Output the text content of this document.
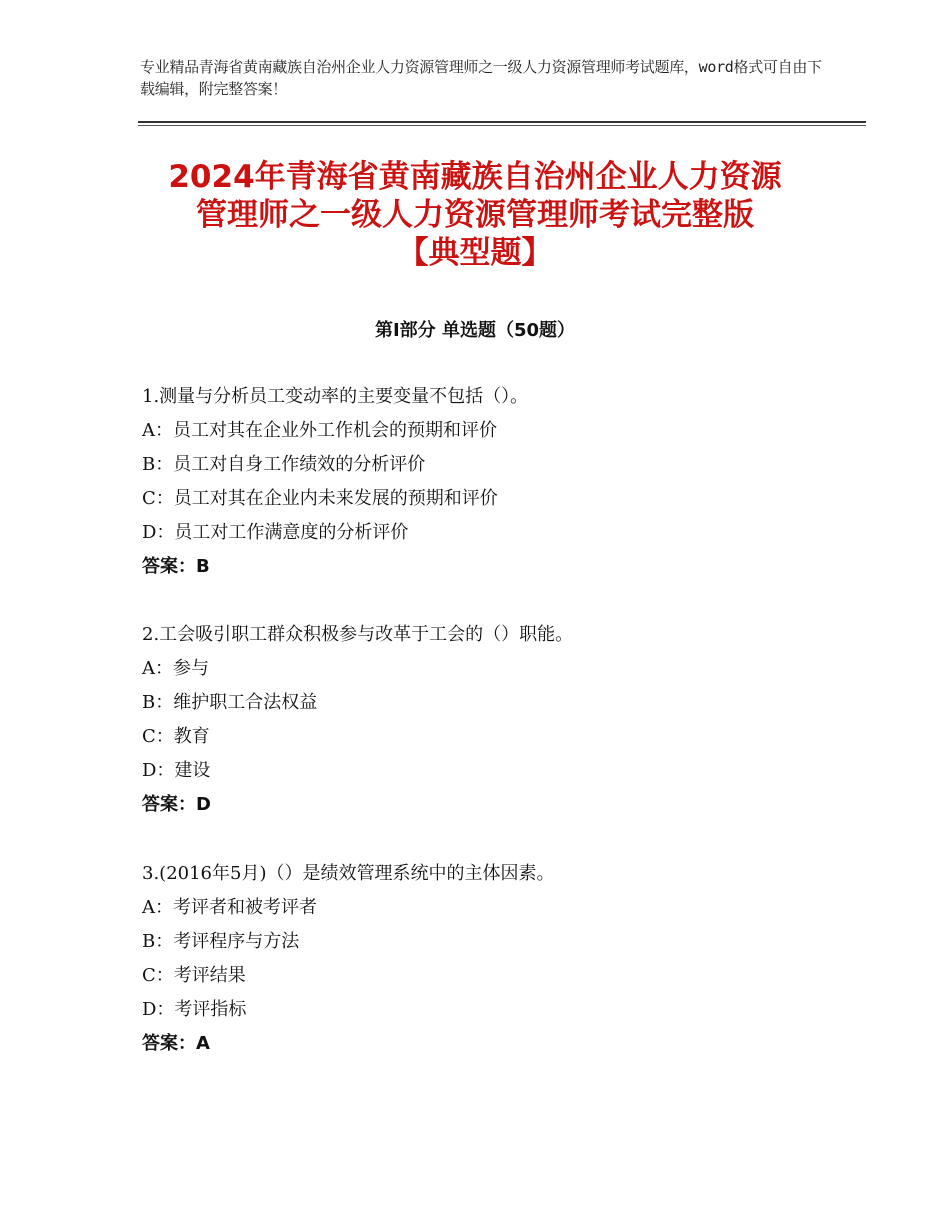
专业精品青海省黄南藏族自治州企业人力资源管理师之一级人力资源管理师考试题库，word格式可自由下载编辑，附完整答案！
2024年青海省黄南藏族自治州企业人力资源
管理师之一级人力资源管理师考试完整版
【典型题】
第Ⅰ部分 单选题（50题）
1.测量与分析员工变动率的主要变量不包括（）。
A：员工对其在企业外工作机会的预期和评价
B：员工对自身工作绩效的分析评价
C：员工对其在企业内未来发展的预期和评价
D：员工对工作满意度的分析评价
答案：B
2.工会吸引职工群众积极参与改革于工会的（）职能。
A：参与
B：维护职工合法权益
C：教育
D：建设
答案：D
3.(2016年5月)（）是绩效管理系统中的主体因素。
A：考评者和被考评者
B：考评程序与方法
C：考评结果
D：考评指标
答案：A
